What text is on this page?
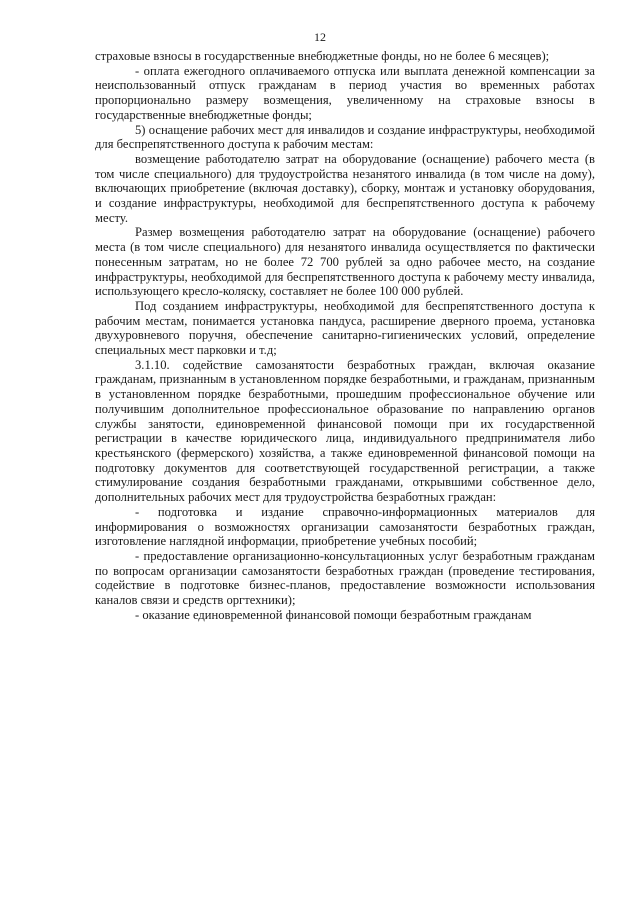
12

страховые взносы в государственные внебюджетные фонды, но не более 6 месяцев);

- оплата ежегодного оплачиваемого отпуска или выплата денежной компенсации за неиспользованный отпуск гражданам в период участия во временных работах пропорционально размеру возмещения, увеличенному на страховые взносы в государственные внебюджетные фонды;

5) оснащение рабочих мест для инвалидов и создание инфраструктуры, необходимой для беспрепятственного доступа к рабочим местам:

возмещение работодателю затрат на оборудование (оснащение) рабочего места (в том числе специального) для трудоустройства незанятого инвалида (в том числе на дому), включающих приобретение (включая доставку), сборку, монтаж и установку оборудования, и создание инфраструктуры, необходимой для беспрепятственного доступа к рабочему месту.

Размер возмещения работодателю затрат на оборудование (оснащение) рабочего места (в том числе специального) для незанятого инвалида осуществляется по фактически понесенным затратам, но не более 72 700 рублей за одно рабочее место, на создание инфраструктуры, необходимой для беспрепятственного доступа к рабочему месту инвалида, использующего кресло-коляску, составляет не более 100 000 рублей.

Под созданием инфраструктуры, необходимой для беспрепятственного доступа к рабочим местам, понимается установка пандуса, расширение дверного проема, установка двухуровневого поручня, обеспечение санитарно-гигиенических условий, определение специальных мест парковки и т.д;

3.1.10. содействие самозанятости безработных граждан, включая оказание гражданам, признанным в установленном порядке безработными, и гражданам, признанным в установленном порядке безработными, прошедшим профессиональное обучение или получившим дополнительное профессиональное образование по направлению органов службы занятости, единовременной финансовой помощи при их государственной регистрации в качестве юридического лица, индивидуального предпринимателя либо крестьянского (фермерского) хозяйства, а также единовременной финансовой помощи на подготовку документов для соответствующей государственной регистрации, а также стимулирование создания безработными гражданами, открывшими собственное дело, дополнительных рабочих мест для трудоустройства безработных граждан:

- подготовка и издание справочно-информационных материалов для информирования о возможностях организации самозанятости безработных граждан, изготовление наглядной информации, приобретение учебных пособий;

- предоставление организационно-консультационных услуг безработным гражданам по вопросам организации самозанятости безработных граждан (проведение тестирования, содействие в подготовке бизнес-планов, предоставление возможности использования каналов связи и средств оргтехники);

- оказание единовременной финансовой помощи безработным гражданам
